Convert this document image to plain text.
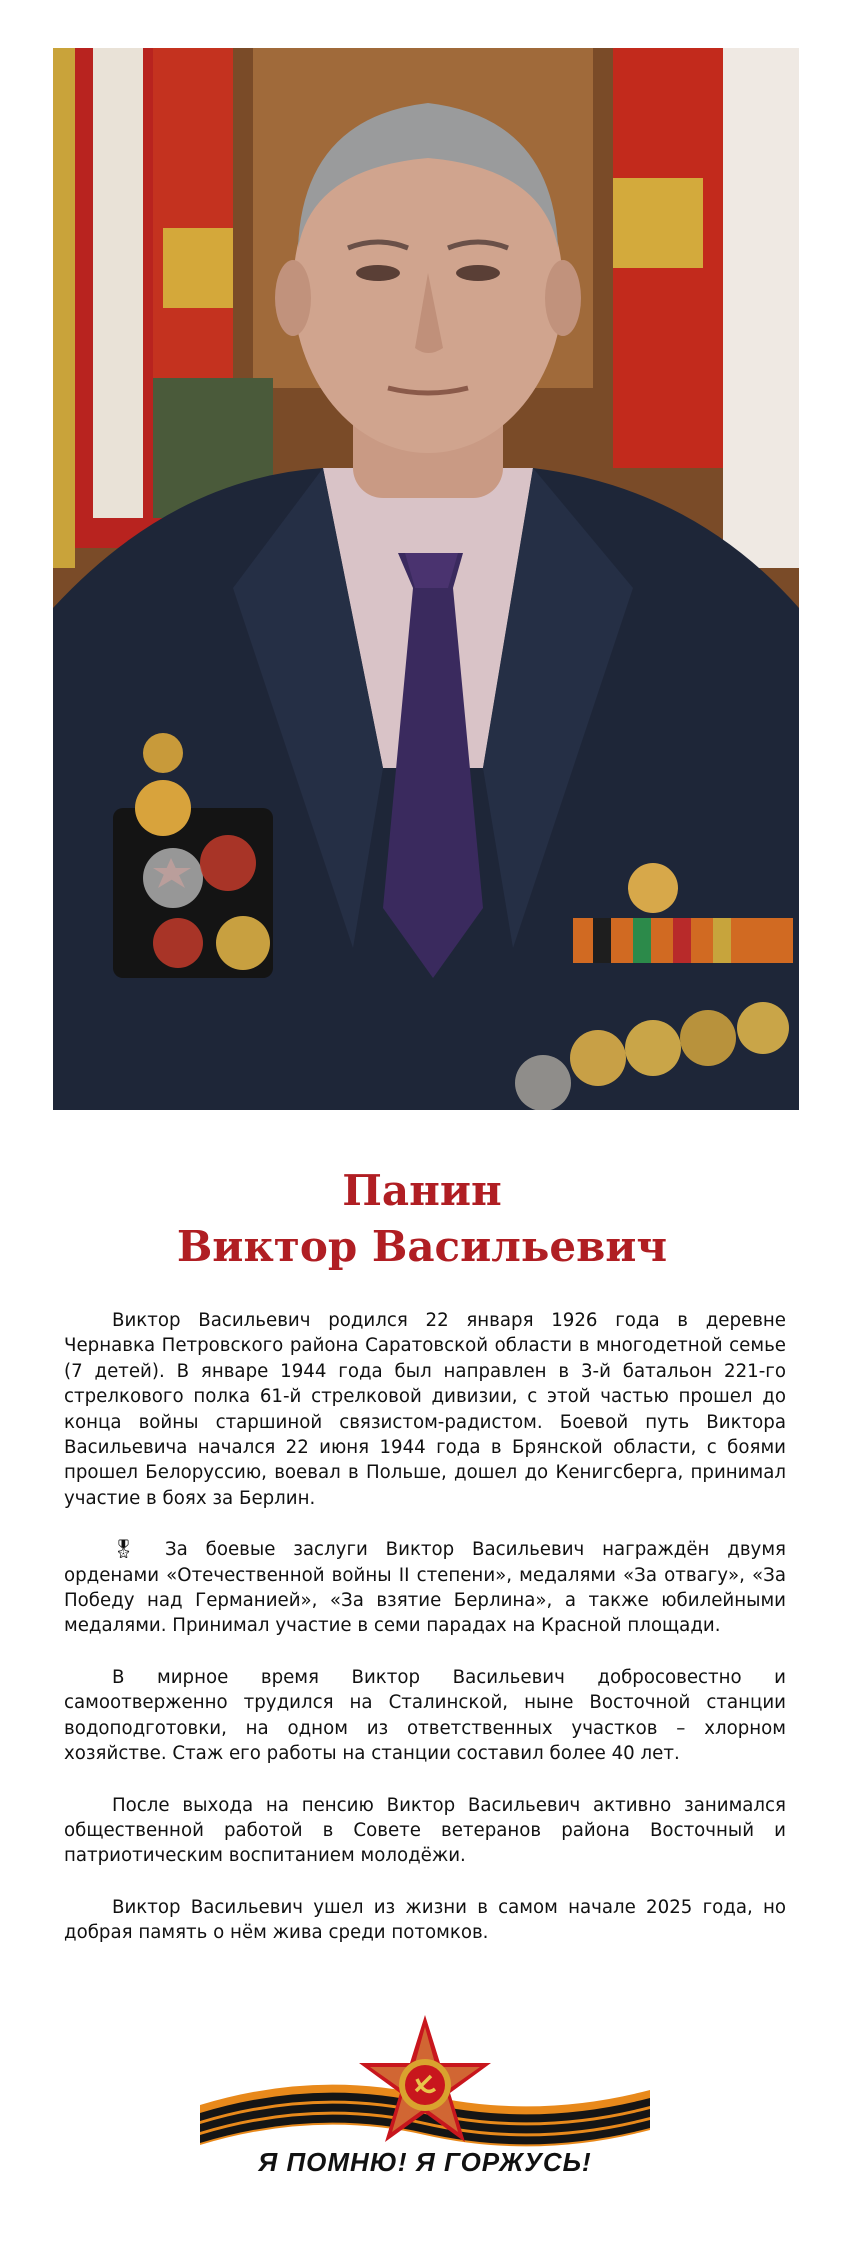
Панин
Виктор Васильевич

Виктор Васильевич родился 22 января 1926 года в деревне Чернавка Петровского района Саратовской области в многодетной семье (7 детей). В январе 1944 года был направлен в 3-й батальон 221-го стрелкового полка 61-й стрелковой дивизии, с этой частью прошел до конца войны старшиной связистом-радистом. Боевой путь Виктора Васильевича начался 22 июня 1944 года в Брянской области, с боями прошел Белоруссию, воевал в Польше, дошел до Кенигсберга, принимал участие в боях за Берлин.

🎖 За боевые заслуги Виктор Васильевич награждён двумя орденами «Отечественной войны II степени», медалями «За отвагу», «За Победу над Германией», «За взятие Берлина», а также юбилейными медалями. Принимал участие в семи парадах на Красной площади.

В мирное время Виктор Васильевич добросовестно и самоотверженно трудился на Сталинской, ныне Восточной станции водоподготовки, на одном из ответственных участков – хлорном хозяйстве. Стаж его работы на станции составил более 40 лет.

После выхода на пенсию Виктор Васильевич активно занимался общественной работой в Совете ветеранов района Восточный и патриотическим воспитанием молодёжи.

Виктор Васильевич ушел из жизни в самом начале 2025 года, но добрая память о нём жива среди потомков.

Я ПОМНЮ! Я ГОРЖУСЬ!
